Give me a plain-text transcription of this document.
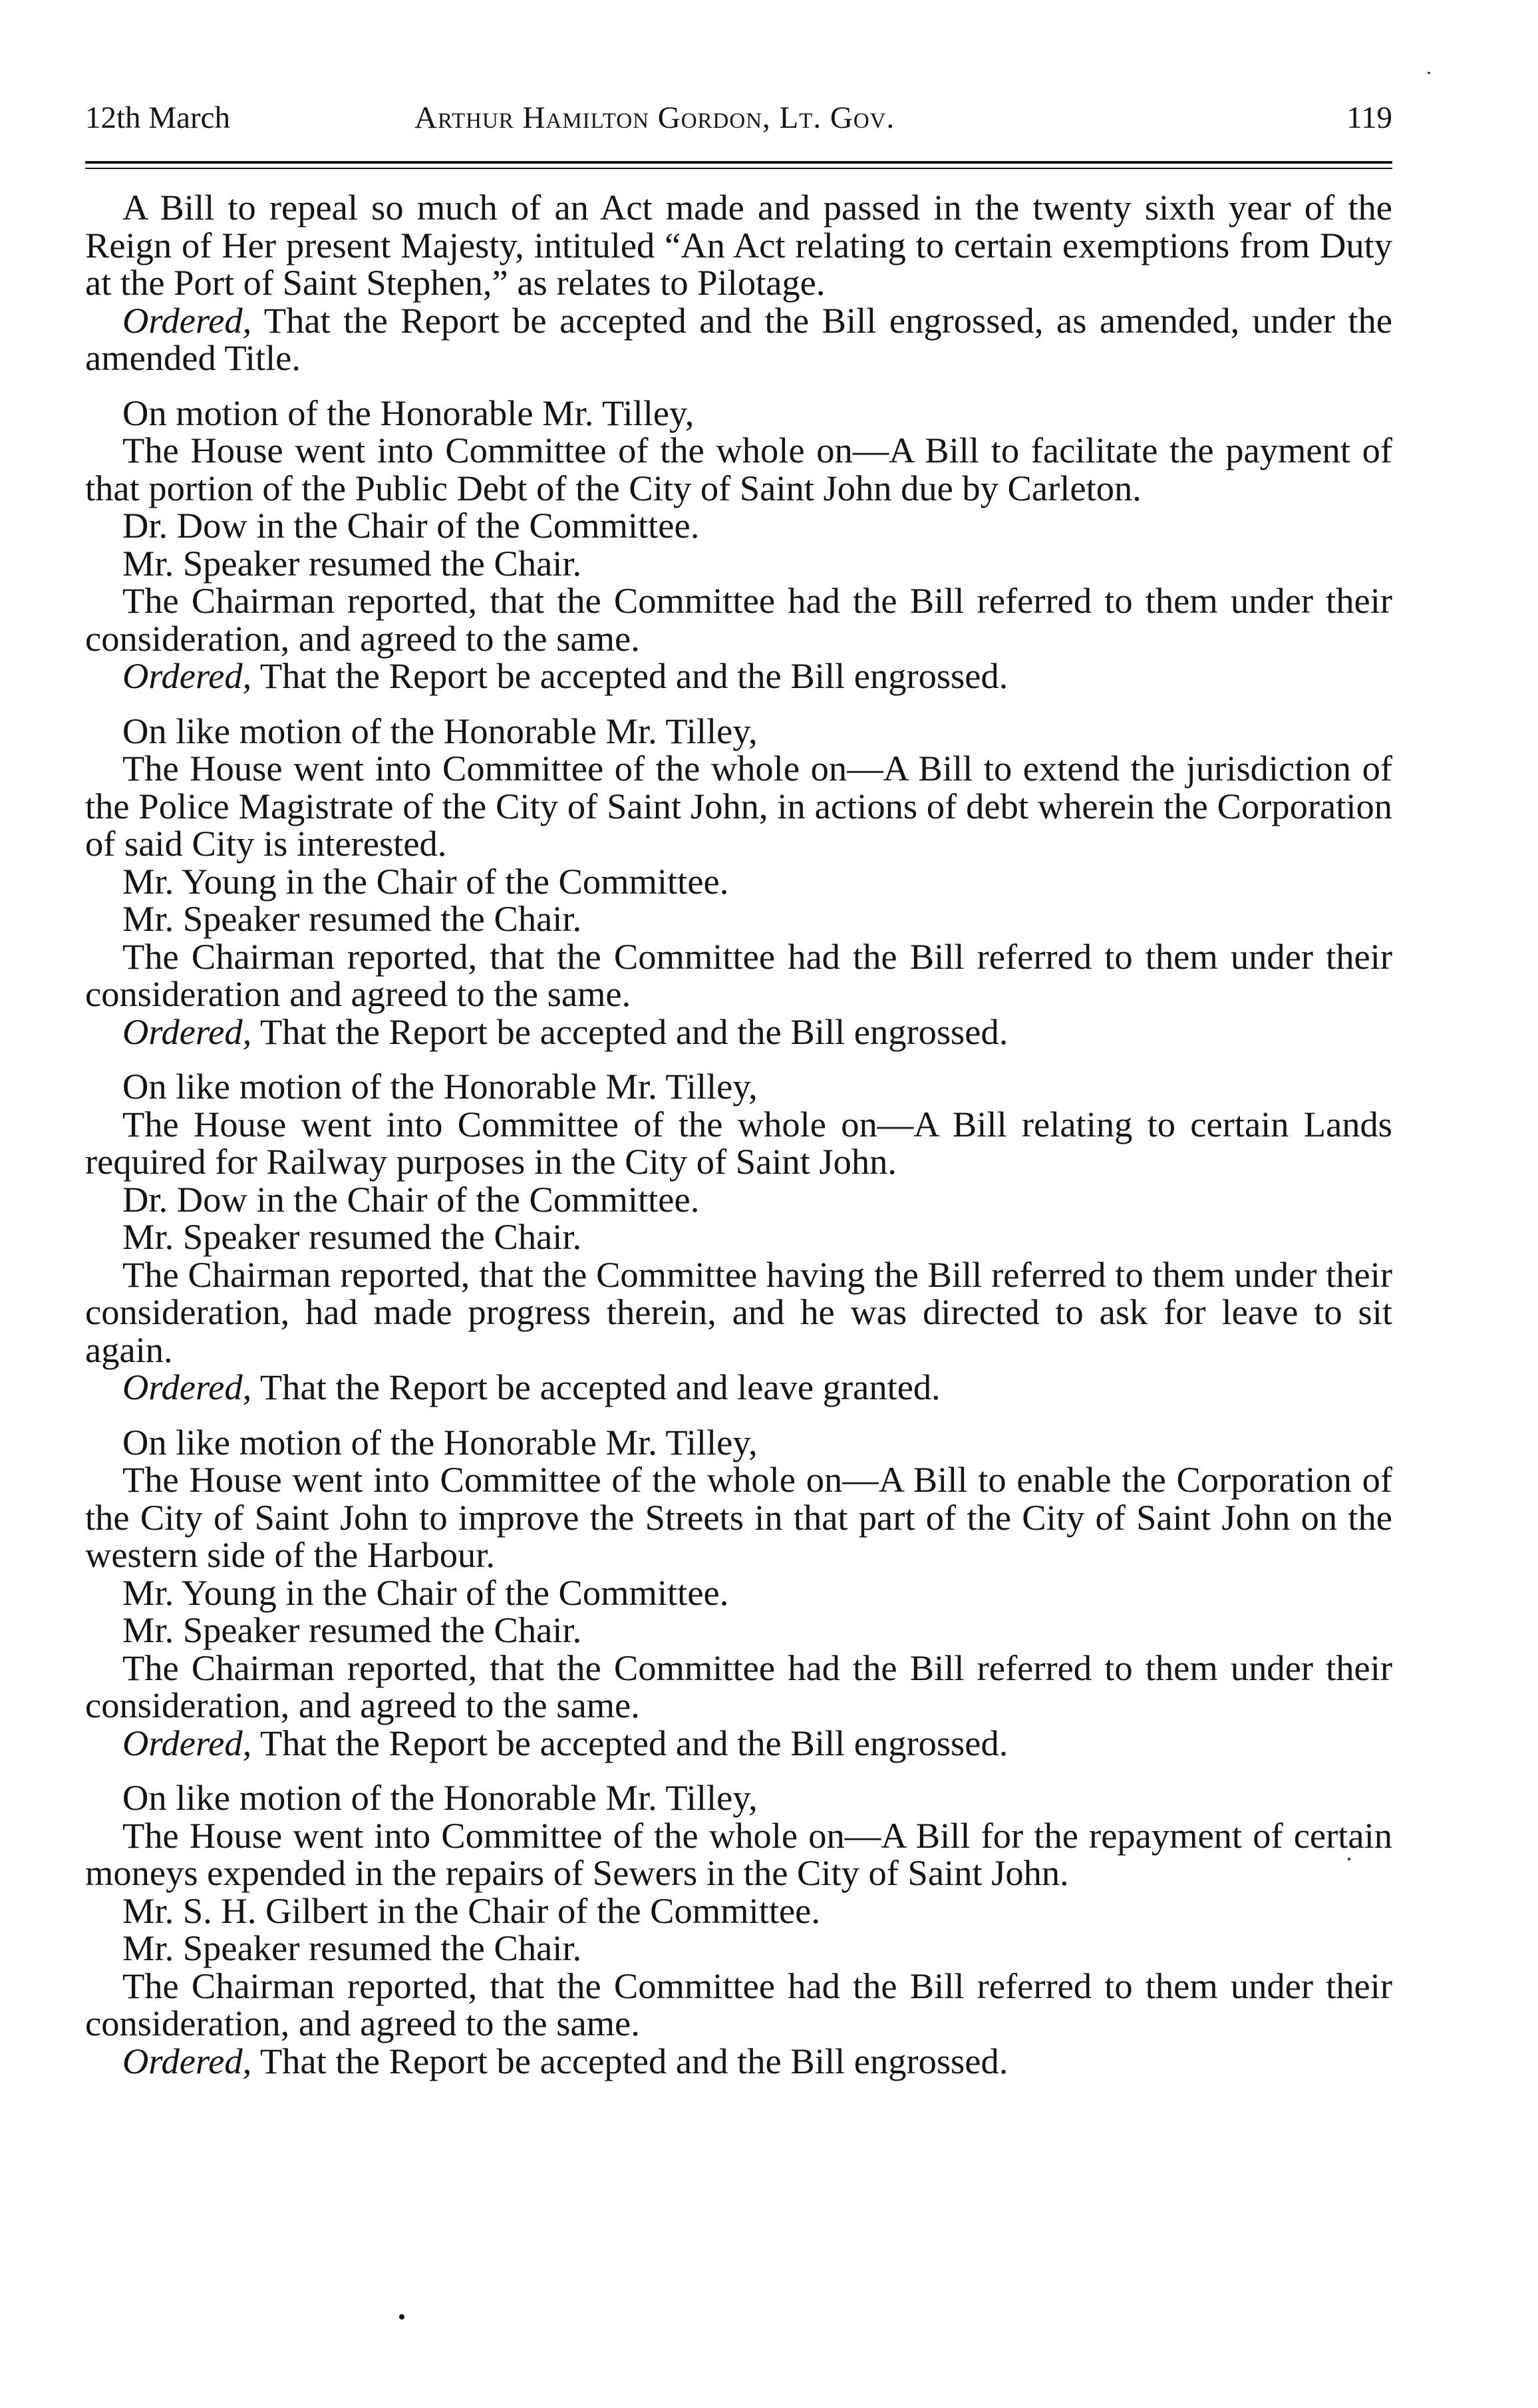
12th March	Arthur Hamilton Gordon, Lt. Gov.	119

A Bill to repeal so much of an Act made and passed in the twenty sixth year of the Reign of Her present Majesty, intituled “An Act relating to certain exemptions from Duty at the Port of Saint Stephen,” as relates to Pilotage.

Ordered, That the Report be accepted and the Bill engrossed, as amended, under the amended Title.

On motion of the Honorable Mr. Tilley,

The House went into Committee of the whole on—A Bill to facilitate the payment of that portion of the Public Debt of the City of Saint John due by Carleton.

Dr. Dow in the Chair of the Committee.

Mr. Speaker resumed the Chair.

The Chairman reported, that the Committee had the Bill referred to them under their consideration, and agreed to the same.

Ordered, That the Report be accepted and the Bill engrossed.

On like motion of the Honorable Mr. Tilley,

The House went into Committee of the whole on—A Bill to extend the jurisdiction of the Police Magistrate of the City of Saint John, in actions of debt wherein the Corporation of said City is interested.

Mr. Young in the Chair of the Committee.

Mr. Speaker resumed the Chair.

The Chairman reported, that the Committee had the Bill referred to them under their consideration and agreed to the same.

Ordered, That the Report be accepted and the Bill engrossed.

On like motion of the Honorable Mr. Tilley,

The House went into Committee of the whole on—A Bill relating to certain Lands required for Railway purposes in the City of Saint John.

Dr. Dow in the Chair of the Committee.

Mr. Speaker resumed the Chair.

The Chairman reported, that the Committee having the Bill referred to them under their consideration, had made progress therein, and he was directed to ask for leave to sit again.

Ordered, That the Report be accepted and leave granted.

On like motion of the Honorable Mr. Tilley,

The House went into Committee of the whole on—A Bill to enable the Corporation of the City of Saint John to improve the Streets in that part of the City of Saint John on the western side of the Harbour.

Mr. Young in the Chair of the Committee.

Mr. Speaker resumed the Chair.

The Chairman reported, that the Committee had the Bill referred to them under their consideration, and agreed to the same.

Ordered, That the Report be accepted and the Bill engrossed.

On like motion of the Honorable Mr. Tilley,

The House went into Committee of the whole on—A Bill for the repayment of certain moneys expended in the repairs of Sewers in the City of Saint John.

Mr. S. H. Gilbert in the Chair of the Committee.

Mr. Speaker resumed the Chair.

The Chairman reported, that the Committee had the Bill referred to them under their consideration, and agreed to the same.

Ordered, That the Report be accepted and the Bill engrossed.
